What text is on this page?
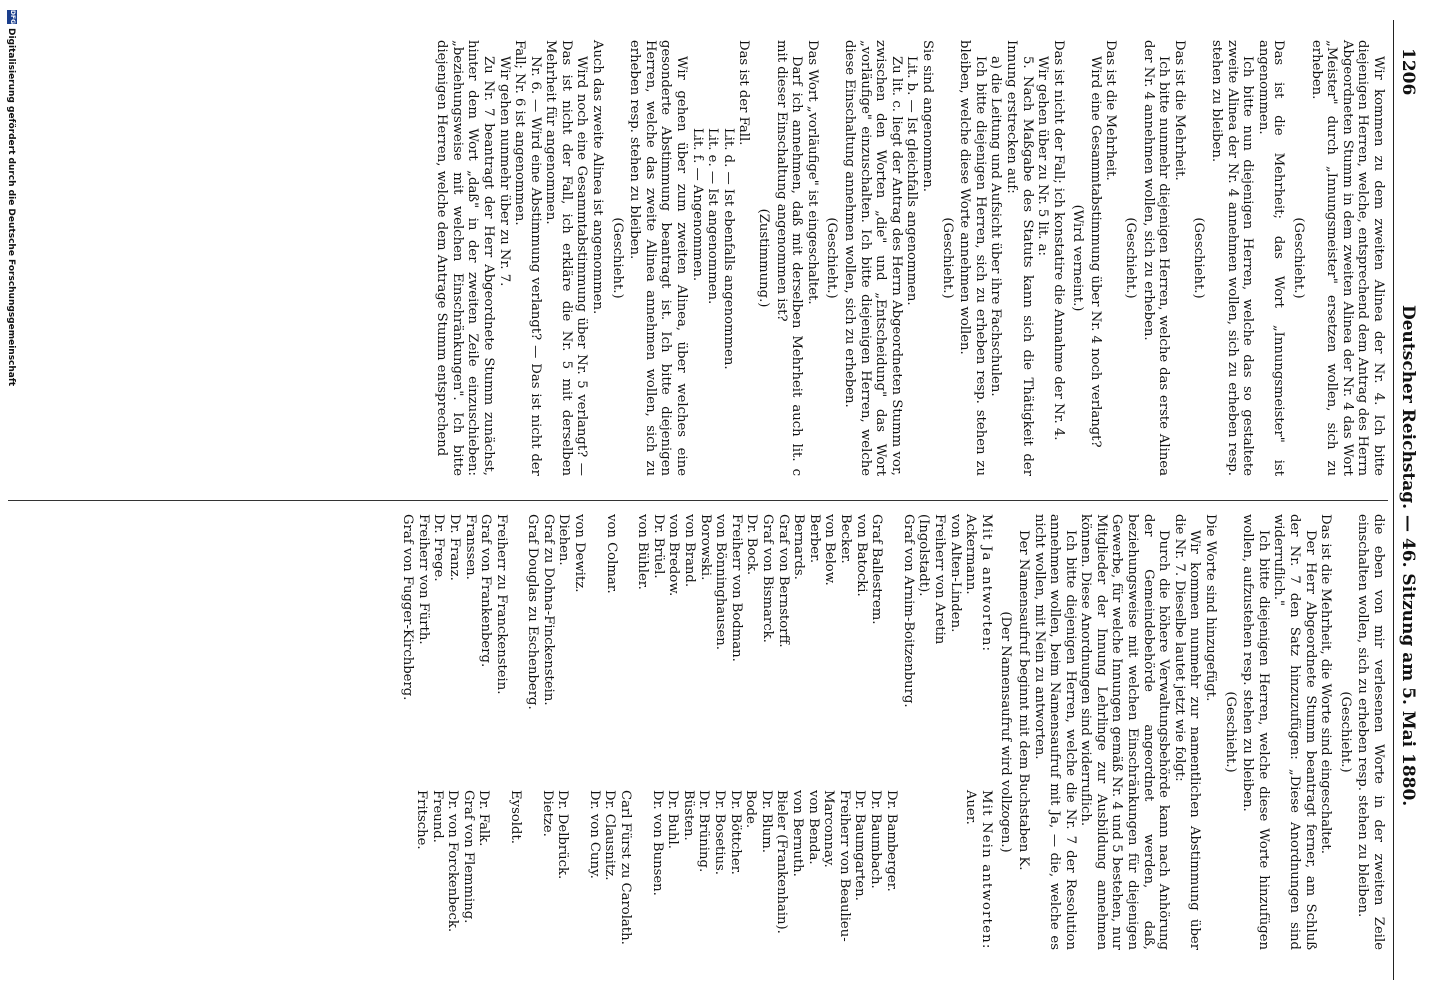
1206
Deutscher Reichstag. — 46. Sitzung am 5. Mai 1880.

Wir kommen zu dem zweiten Alinea der Nr. 4. Ich bitte diejenigen Herren, welche, entsprechend dem Antrag des Herrn Abgeordneten Stumm in dem zweiten Alinea der Nr. 4 das Wort „Meister" durch „Innungsmeister" ersetzen wollen, sich zu erheben.

(Geschieht.)

Das ist die Mehrheit; das Wort „Innungsmeister" ist angenommen.

Ich bitte nun diejenigen Herren, welche das so gestaltete zweite Alinea der Nr. 4 annehmen wollen, sich zu erheben resp. stehen zu bleiben.

(Geschieht.)

Das ist die Mehrheit.

Ich bitte nunmehr diejenigen Herren, welche das erste Alinea der Nr. 4 annehmen wollen, sich zu erheben.

(Geschieht.)

Das ist die Mehrheit.

Wird eine Gesammtabstimmung über Nr. 4 noch verlangt?

(Wird verneint.)

Das ist nicht der Fall; ich konstatire die Annahme der Nr. 4.

Wir gehen über zu Nr. 5 lit. a:

5. Nach Maßgabe des Statuts kann sich die Thätigkeit der Innung erstrecken auf:

a) die Leitung und Aufsicht über ihre Fachschulen.

Ich bitte diejenigen Herren, sich zu erheben resp. stehen zu bleiben, welche diese Worte annehmen wollen.

(Geschieht.)

Sie sind angenommen.

Lit. b. — Ist gleichfalls angenommen.

Zu lit. c. liegt der Antrag des Herrn Abgeordneten Stumm vor, zwischen den Worten „die" und „Entscheidung" das Wort „vorläufige" einzuschalten. Ich bitte diejenigen Herren, welche diese Einschaltung annehmen wollen, sich zu erheben.

(Geschieht.)

Das Wort „vorläufige" ist eingeschaltet.

Darf ich annehmen, daß mit derselben Mehrheit auch lit. c mit dieser Einschaltung angenommen ist?

(Zustimmung.)

Das ist der Fall.

Lit. d. — Ist ebenfalls angenommen.

Lit. e. — Ist angenommen.

Lit. f. — Angenommen.

Wir gehen über zum zweiten Alinea, über welches eine gesonderte Abstimmung beantragt ist. Ich bitte diejenigen Herren, welche das zweite Alinea annehmen wollen, sich zu erheben resp. stehen zu bleiben.

(Geschieht.)

Auch das zweite Alinea ist angenommen.

Wird noch eine Gesammtabstimmung über Nr. 5 verlangt? — Das ist nicht der Fall, ich erkläre die Nr. 5 mit derselben Mehrheit für angenommen.

Nr. 6. — Wird eine Abstimmung verlangt? — Das ist nicht der Fall; Nr. 6 ist angenommen.

Wir gehen nunmehr über zu Nr. 7.

Zu Nr. 7 beantragt der Herr Abgeordnete Stumm zunächst, hinter dem Wort „daß" in der zweiten Zeile einzuschieben: „beziehungsweise mit welchen Einschränkungen". Ich bitte diejenigen Herren, welche dem Antrage Stumm entsprechend

die eben von mir verlesenen Worte in der zweiten Zeile einschalten wollen, sich zu erheben resp. stehen zu bleiben.

(Geschieht.)

Das ist die Mehrheit, die Worte sind eingeschaltet.

Der Herr Abgeordnete Stumm beantragt ferner, am Schluß der Nr. 7 den Satz hinzuzufügen: „Diese Anordnungen sind widerruflich."

Ich bitte diejenigen Herren, welche diese Worte hinzufügen wollen, aufzustehen resp. stehen zu bleiben.

(Geschieht.)

Die Worte sind hinzugefügt.

Wir kommen nunmehr zur namentlichen Abstimmung über die Nr. 7. Dieselbe lautet jetzt wie folgt:

Durch die höhere Verwaltungsbehörde kann nach Anhörung der Gemeindebehörde angeordnet werden, daß, beziehungsweise mit welchen Einschränkungen für diejenigen Gewerbe, für welche Innungen gemäß Nr. 4 und 5 bestehen, nur Mitglieder der Innung Lehrlinge zur Ausbildung annehmen können. Diese Anordnungen sind widerruflich.

Ich bitte diejenigen Herren, welche die Nr. 7 der Resolution annehmen wollen, beim Namensaufruf mit Ja, — die, welche es nicht wollen, mit Nein zu antworten.

Der Namensaufruf beginnt mit dem Buchstaben K.

(Der Namensaufruf wird vollzogen.)

Mit Ja antworten:
Ackermann.
von Alten-Linden.
Freiherr von Aretin (Ingolstadt).
Graf von Arnim-Boitzenburg.
Graf Ballestrem.
von Batocki.
Becker.
von Below.
Berber.
Bernards.
Graf von Bernstorff.
Graf von Bismarck.
Dr. Bock.
Freiherr von Bodman.
von Bönninghausen.
Borowski.
von Brand.
von Bredow.
Dr. Brüel.
von Bühler.
von Colmar.
von Dewitz.
Diehen.
Graf zu Dohna-Finckenstein.
Graf Douglas zu Eschenberg.
Freiherr zu Franckenstein.
Graf von Frankenberg.
Franssen.
Dr. Franz.
Dr. Frege.
Freiherr von Fürth.
Graf von Fugger-Kirchberg.
Mit Nein antworten:
Auer.
Dr. Bamberger.
Dr. Baumbach.
Dr. Baumgarten.
Freiherr von Beaulieu-Marconnay.
von Benda.
von Bernuth.
Bieler (Frankenhain).
Dr. Blum.
Bode.
Dr. Böttcher.
Dr. Bosetius.
Dr. Brüning.
Büsten.
Dr. Buhl.
Dr. von Bunsen.
Carl Fürst zu Carolath.
Dr. Clausnitz.
Dr. von Cuny.
Dr. Delbrück.
Dietze.
Eysoldt.
Dr. Falk.
Graf von Flemming.
Dr. von Forckenbeck.
Freund.
Fritsche.
DFG
Digitalisierung gefördert durch die Deutsche Forschungsgemeinschaft
